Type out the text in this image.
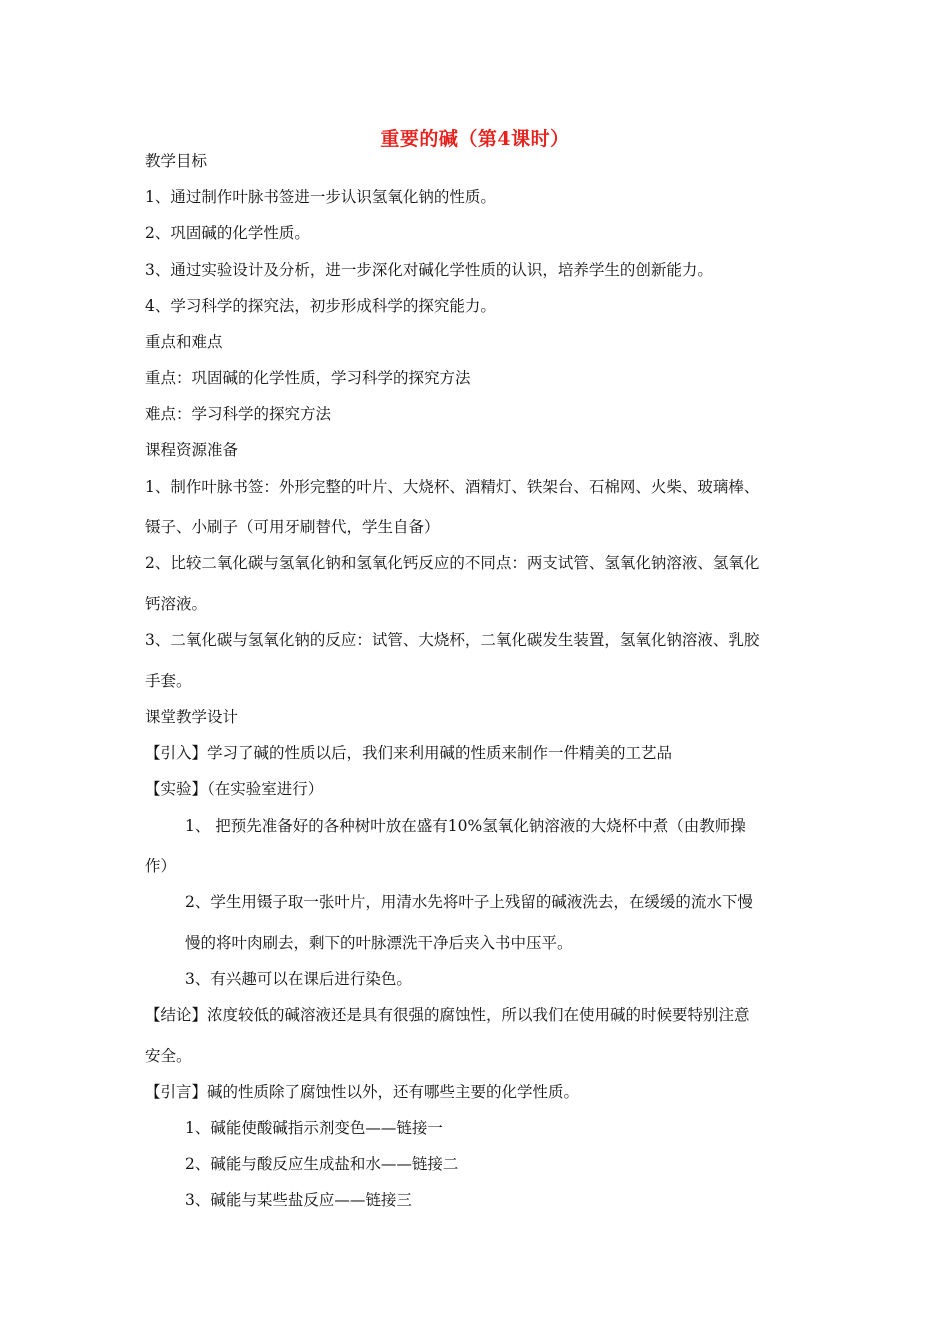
重要的碱（第4课时）
教学目标
1、通过制作叶脉书签进一步认识氢氧化钠的性质。
2、巩固碱的化学性质。
3、通过实验设计及分析，进一步深化对碱化学性质的认识，培养学生的创新能力。
4、学习科学的探究法，初步形成科学的探究能力。
重点和难点
重点：巩固碱的化学性质，学习科学的探究方法
难点：学习科学的探究方法
课程资源准备
1、制作叶脉书签：外形完整的叶片、大烧杯、酒精灯、铁架台、石棉网、火柴、玻璃棒、
镊子、小刷子（可用牙刷替代，学生自备）
2、比较二氧化碳与氢氧化钠和氢氧化钙反应的不同点：两支试管、氢氧化钠溶液、氢氧化
钙溶液。
3、二氧化碳与氢氧化钠的反应：试管、大烧杯，二氧化碳发生装置，氢氧化钠溶液、乳胶
手套。
课堂教学设计
【引入】学习了碱的性质以后，我们来利用碱的性质来制作一件精美的工艺品
【实验】（在实验室进行）
1、 把预先准备好的各种树叶放在盛有10%氢氧化钠溶液的大烧杯中煮（由教师操
作）
2、学生用镊子取一张叶片，用清水先将叶子上残留的碱液洗去，在缓缓的流水下慢
慢的将叶肉刷去，剩下的叶脉漂洗干净后夹入书中压平。
3、有兴趣可以在课后进行染色。
【结论】浓度较低的碱溶液还是具有很强的腐蚀性，所以我们在使用碱的时候要特别注意
安全。
【引言】碱的性质除了腐蚀性以外，还有哪些主要的化学性质。
1、碱能使酸碱指示剂变色——链接一
2、碱能与酸反应生成盐和水——链接二
3、碱能与某些盐反应——链接三
